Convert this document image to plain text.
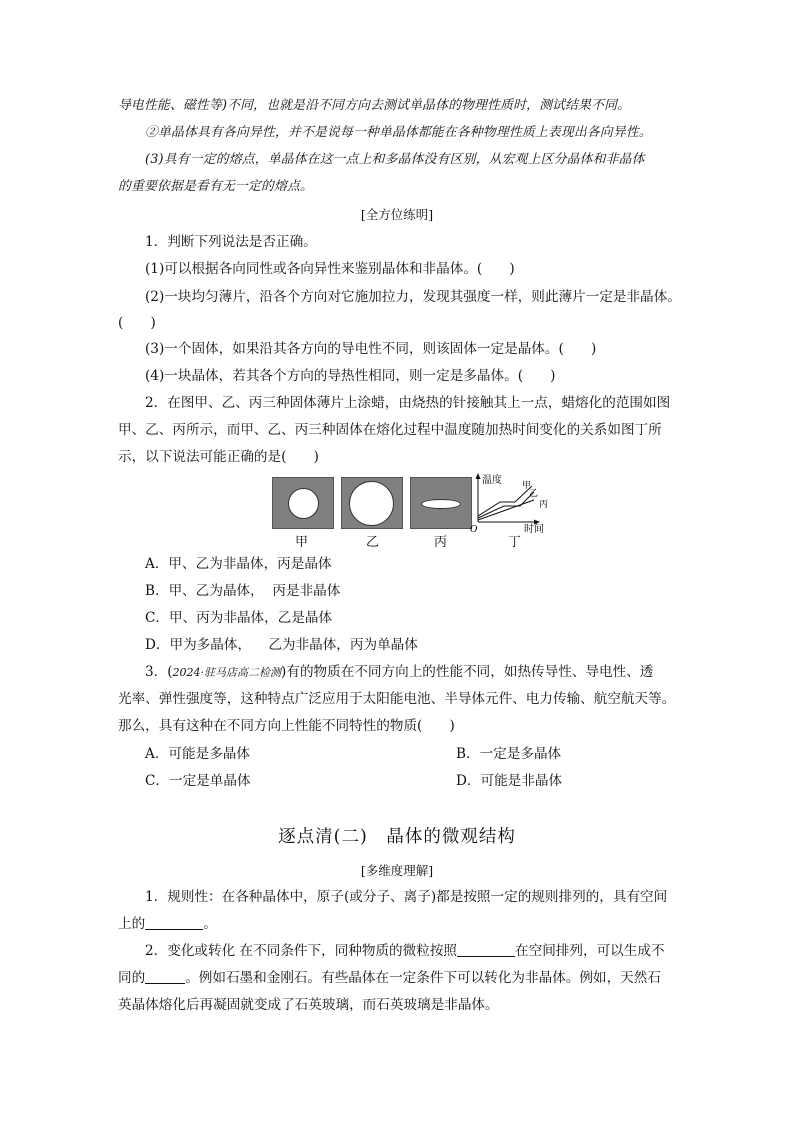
导电性能、磁性等)不同，也就是沿不同方向去测试单晶体的物理性质时，测试结果不同。
②单晶体具有各向异性，并不是说每一种单晶体都能在各种物理性质上表现出各向异性。
(3)具有一定的熔点，单晶体在这一点上和多晶体没有区别，从宏观上区分晶体和非晶体
的重要依据是看有无一定的熔点。
[全方位练明]
1．判断下列说法是否正确。
(1)可以根据各向同性或各向异性来鉴别晶体和非晶体。(　　)
(2)一块均匀薄片，沿各个方向对它施加拉力，发现其强度一样，则此薄片一定是非晶体。
(　　)
(3)一个固体，如果沿其各方向的导电性不同，则该固体一定是晶体。(　　)
(4)一块晶体，若其各个方向的导热性相同，则一定是多晶体。(　　)
2．在图甲、乙、丙三种固体薄片上涂蜡，由烧热的针接触其上一点，蜡熔化的范围如图
甲、乙、丙所示，而甲、乙、丙三种固体在熔化过程中温度随加热时间变化的关系如图丁所
示，以下说法可能正确的是(　　)
温度
O	时间
甲
乙
丙
甲	乙	丙	丁
A．甲、乙为非晶体，丙是晶体
B．甲、乙为晶体，  丙是非晶体
C．甲、丙为非晶体，乙是晶体
D．甲为多晶体，    乙为非晶体，丙为单晶体
3．(2024·驻马店高二检测)有的物质在不同方向上的性能不同，如热传导性、导电性、透
光率、弹性强度等，这种特点广泛应用于太阳能电池、半导体元件、电力传输、航空航天等。
那么，具有这种在不同方向上性能不同特性的物质(　　)
A．可能是多晶体	B．一定是多晶体
C．一定是单晶体	D．可能是非晶体
逐点清(二)　晶体的微观结构
[多维度理解]
1．规则性：在各种晶体中，原子(或分子、离子)都是按照一定的规则排列的，具有空间
上的	。
2．变化或转化 在不同条件下，同种物质的微粒按照	在空间排列，可以生成不
同的	。例如石墨和金刚石。有些晶体在一定条件下可以转化为非晶体。例如，天然石
英晶体熔化后再凝固就变成了石英玻璃，而石英玻璃是非晶体。
